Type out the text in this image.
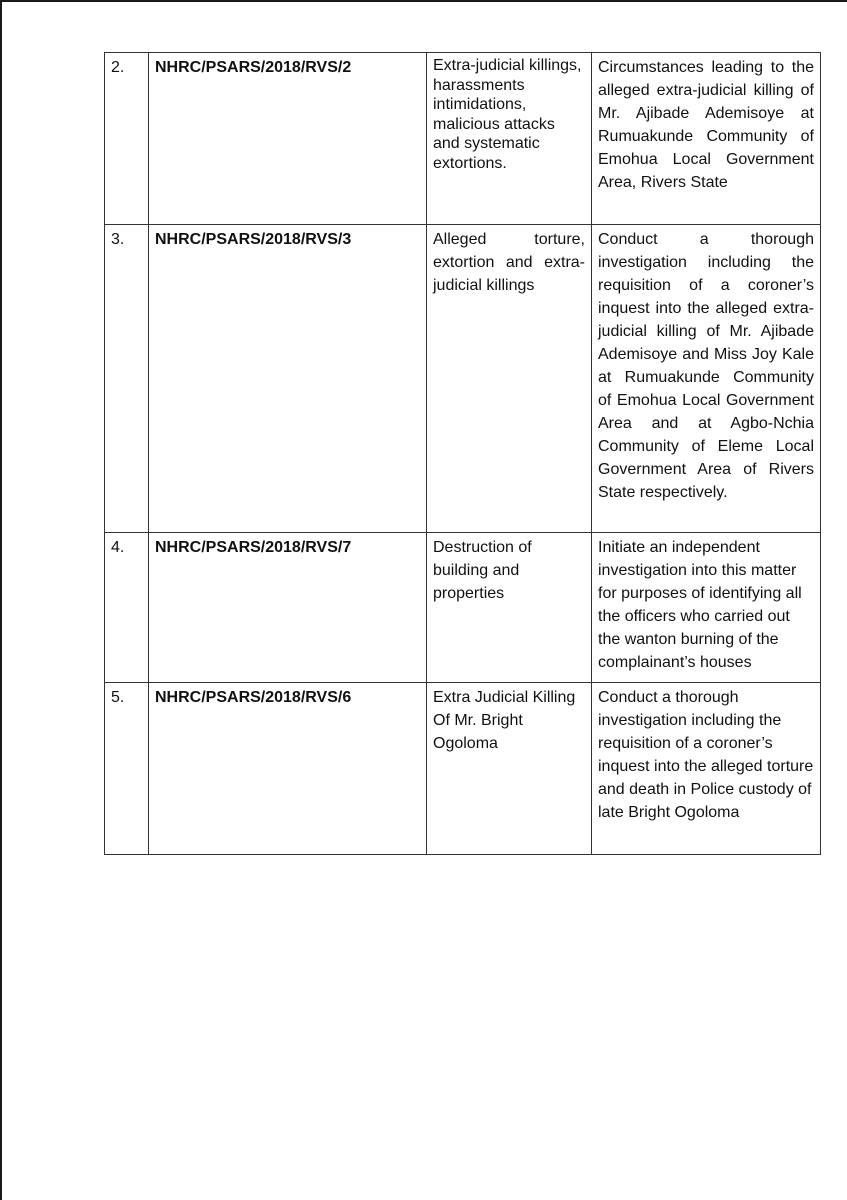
2.	NHRC/PSARS/2018/RVS/2	Extra-judicial killings, harassments intimidations, malicious attacks and systematic extortions.	Circumstances leading to the alleged extra-judicial killing of Mr. Ajibade Ademisoye at Rumuakunde Community of Emohua Local Government Area, Rivers State
3.	NHRC/PSARS/2018/RVS/3	Alleged torture, extortion and extra-judicial killings	Conduct a thorough investigation including the requisition of a coroner’s inquest into the alleged extra-judicial killing of Mr. Ajibade Ademisoye and Miss Joy Kale at Rumuakunde Community of Emohua Local Government Area and at Agbo-Nchia Community of Eleme Local Government Area of Rivers State respectively.
4.	NHRC/PSARS/2018/RVS/7	Destruction of building and properties	Initiate an independent investigation into this matter for purposes of identifying all the officers who carried out the wanton burning of the complainant’s houses
5.	NHRC/PSARS/2018/RVS/6	Extra Judicial Killing Of Mr. Bright Ogoloma	Conduct a thorough investigation including the requisition of a coroner’s inquest into the alleged torture and death in Police custody of late Bright Ogoloma
